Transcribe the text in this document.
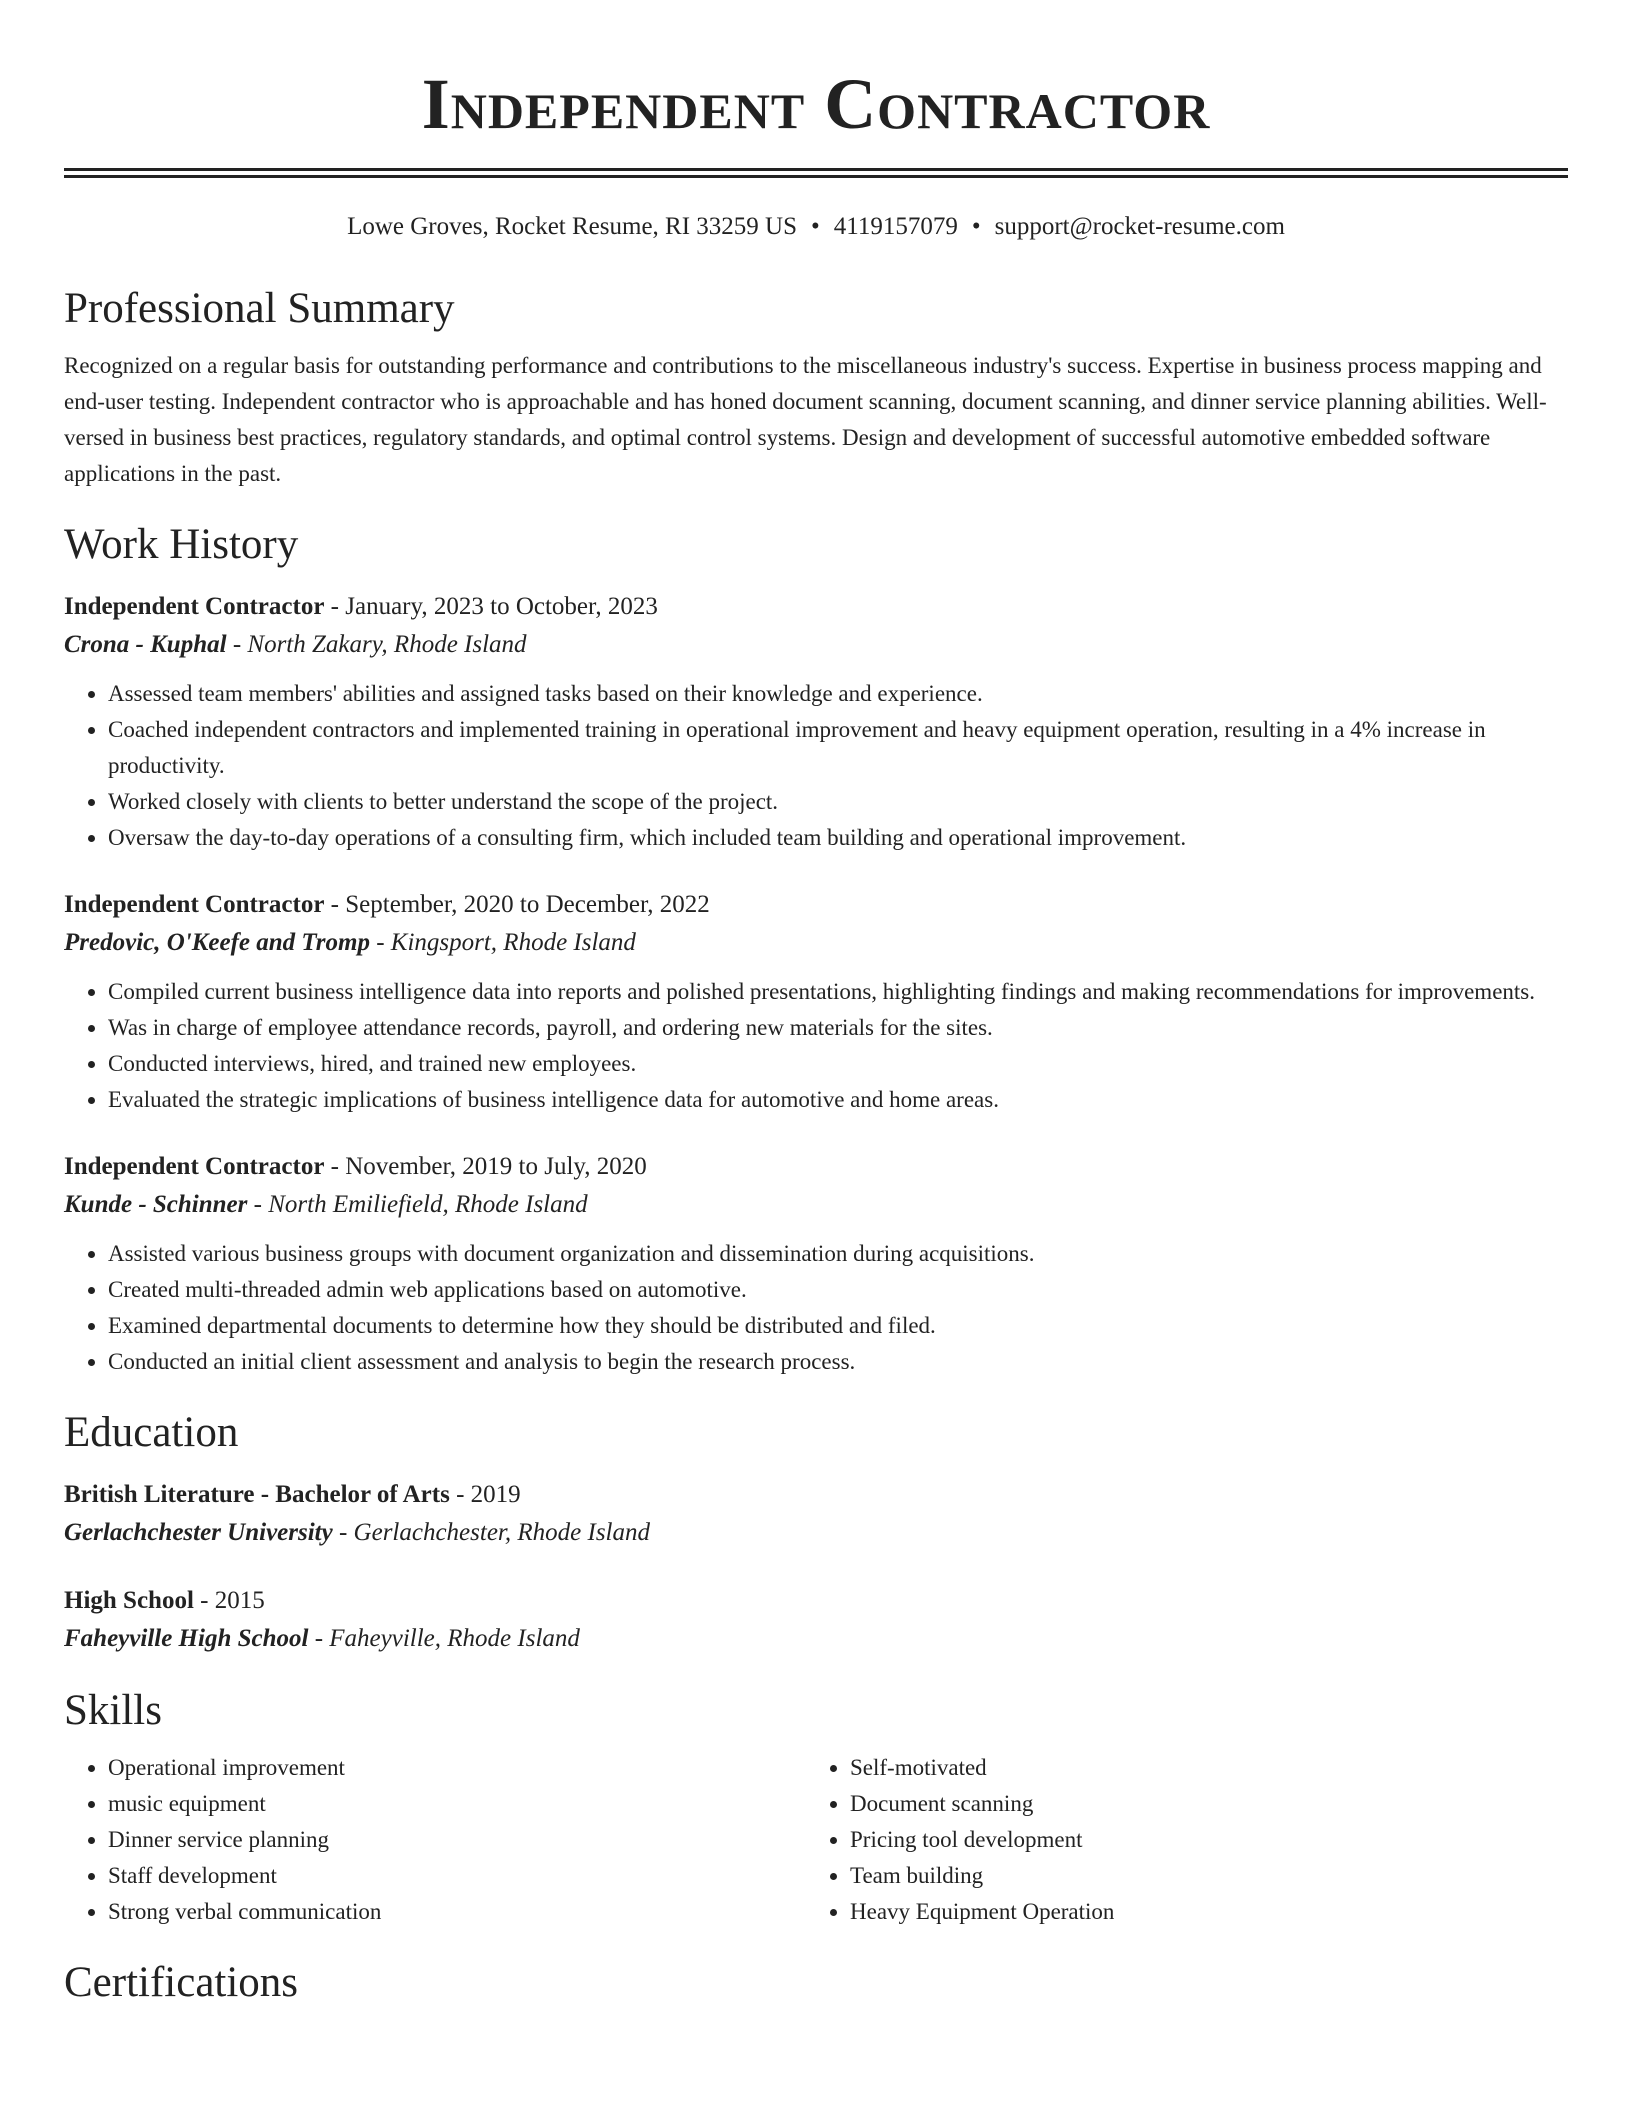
Independent Contractor
Lowe Groves, Rocket Resume, RI 33259 US • 4119157079 • support@rocket-resume.com
Professional Summary

Recognized on a regular basis for outstanding performance and contributions to the miscellaneous industry's success. Expertise in business process mapping and end-user testing. Independent contractor who is approachable and has honed document scanning, document scanning, and dinner service planning abilities. Well-versed in business best practices, regulatory standards, and optimal control systems. Design and development of successful automotive embedded software applications in the past.

Work History
Independent Contractor - January, 2023 to October, 2023
Crona - Kuphal - North Zakary, Rhode Island
• Assessed team members' abilities and assigned tasks based on their knowledge and experience.
• Coached independent contractors and implemented training in operational improvement and heavy equipment operation, resulting in a 4% increase in productivity.
• Worked closely with clients to better understand the scope of the project.
• Oversaw the day-to-day operations of a consulting firm, which included team building and operational improvement.
Independent Contractor - September, 2020 to December, 2022
Predovic, O'Keefe and Tromp - Kingsport, Rhode Island
• Compiled current business intelligence data into reports and polished presentations, highlighting findings and making recommendations for improvements.
• Was in charge of employee attendance records, payroll, and ordering new materials for the sites.
• Conducted interviews, hired, and trained new employees.
• Evaluated the strategic implications of business intelligence data for automotive and home areas.
Independent Contractor - November, 2019 to July, 2020
Kunde - Schinner - North Emiliefield, Rhode Island
• Assisted various business groups with document organization and dissemination during acquisitions.
• Created multi-threaded admin web applications based on automotive.
• Examined departmental documents to determine how they should be distributed and filed.
• Conducted an initial client assessment and analysis to begin the research process.
Education
British Literature - Bachelor of Arts - 2019
Gerlachchester University - Gerlachchester, Rhode Island
High School - 2015
Faheyville High School - Faheyville, Rhode Island
Skills
• Operational improvement
• music equipment
• Dinner service planning
• Staff development
• Strong verbal communication
• Self-motivated
• Document scanning
• Pricing tool development
• Team building
• Heavy Equipment Operation
Certifications
